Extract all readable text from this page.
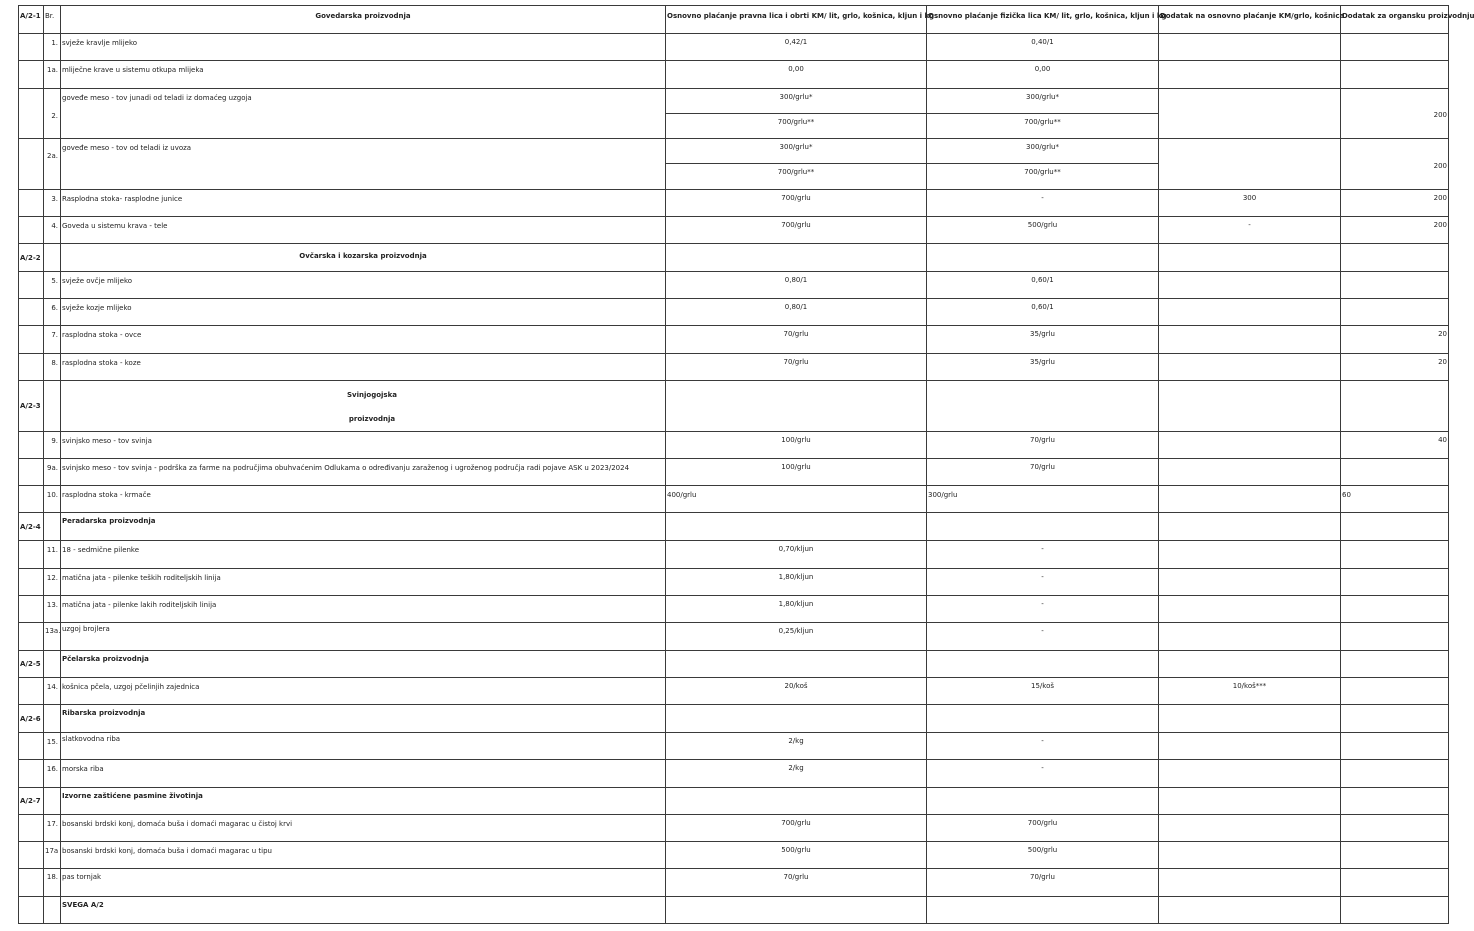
A/2-1	Br.	Govedarska proizvodnja	Osnovno plaćanje pravna lica i obrti KM/ lit, grlo, košnica, kljun i kg	Osnovno plaćanje fizička lica KM/ lit, grlo, košnica, kljun i kg	Dodatak na osnovno plaćanje KM/grlo, košnica	Dodatak za organsku proizvodnju
	1.	svježe kravlje mlijeko	0,42/1	0,40/1		
	1a.	mliječne krave u sistemu otkupa mlijeka	0,00	0,00		
	2.	goveđe meso - tov junadi od teladi iz domaćeg uzgoja	300/grlu*	300/grlu*		200
			700/grlu**	700/grlu**		
	2a.	goveđe meso - tov od teladi iz uvoza	300/grlu*	300/grlu*		200
			700/grlu**	700/grlu**		
	3.	Rasplodna stoka- rasplodne junice	700/grlu	-	300	200
	4.	Goveda u sistemu krava - tele	700/grlu	500/grlu	-	200
A/2-2		Ovčarska i kozarska proizvodnja				
	5.	svježe ovčje mlijeko	0,80/1	0,60/1		
	6.	svježe kozje mlijeko	0,80/1	0,60/1		
	7.	rasplodna stoka - ovce	70/grlu	35/grlu		20
	8.	rasplodna stoka - koze	70/grlu	35/grlu		20
A/2-3		Svinjogojska
proizvodnja				

	9.	svinjsko meso - tov svinja	100/grlu	70/grlu		40
	9a.	svinjsko meso - tov svinja - podrška za farme na područjima obuhvaćenim Odlukama o određivanju zaraženog i ugroženog područja radi pojave ASK u 2023/2024	100/grlu	70/grlu		
	10.	rasplodna stoka - krmače	400/grlu	300/grlu		60
A/2-4		Peradarska proizvodnja				
	11.	18 - sedmične pilenke	0,70/kljun	-		
	12.	matična jata - pilenke teških roditeljskih linija	1,80/kljun	-		
	13.	matična jata - pilenke lakih roditeljskih linija	1,80/kljun	-		
	13a.	uzgoj brojlera	0,25/kljun	-		
A/2-5		Pčelarska proizvodnja				
	14.	košnica pčela, uzgoj pčelinjih zajednica	20/koš	15/koš	10/koš***	
A/2-6		Ribarska proizvodnja				
	15.	slatkovodna riba	2/kg	-		
	16.	morska riba	2/kg	-		
A/2-7		Izvorne zaštićene pasmine životinja				
	17.	bosanski brdski konj, domaća buša i domaći magarac u čistoj krvi	700/grlu	700/grlu		
	17a	bosanski brdski konj, domaća buša i domaći magarac u tipu	500/grlu	500/grlu		
	18.	pas tornjak	70/grlu	70/grlu		
		SVEGA A/2				
